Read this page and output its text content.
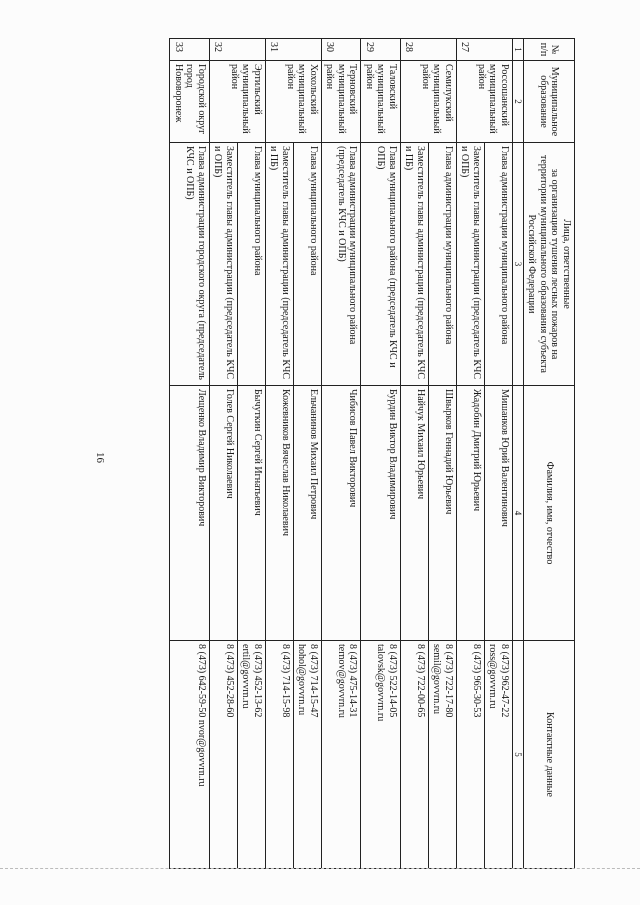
16
№
п/п	Муниципальное образование	Лица, ответственные
за организацию тушения лесных пожаров на территории муниципального образования субъекта Российской Федерации	Фамилия, имя, отчество	Контактные данные
1	2	3	4	5
27	Россошанский муниципальный район	Глава администрации муниципального района	Мишанков Юрий Валентинович	8 (473) 962-47-22
ross@govvrn.ru
		Заместитель главы администрации (председатель КЧС и ОПБ)	Жадобин Дмитрий Юрьевич	8 (473) 965-30-53
28	Семилукский муниципальный район	Глава администрации муниципального района	Швырков Геннадий Юрьевич	8 (473) 722-17-80
semil@govvrn.ru
		Заместитель главы администрации (председатель КЧС и ПБ)	Найчук Михаил Юрьевич	8 (473) 722-00-65
29	Таловский муниципальный район	Глава муниципального района (председатель КЧС и ОПБ)	Бурдин Виктор Владимирович	8 (473) 522-14-05
talovsk@govvrn.ru
30	Терновский муниципальный район	Глава администрации муниципального района (председатель КЧС и ОПБ)	Чибисов Павел Викторович	8 (473) 475-14-31
ternov@govvrn.ru
31	Хохольский муниципальный район	Глава муниципального района	Ельчанинов Михаил Петрович	8 (473) 714-15-47
hohol@govvrn.ru
		Заместитель главы администрации (председатель КЧС и ПБ)	Кожевников Вячеслав Николаевич	8 (473) 714-15-98
32	Эртильский муниципальный район	Глава муниципального района	Бычуткин Сергей Игнатьевич	8 (473) 452-13-62
ertil@govvrn.ru
		Заместитель главы администрации (председатель КЧС и ОПБ)	Голев Сергей Николаевич	8 (473) 452-28-60
33	Городской округ город Нововоронеж	Глава администрации городского округа (председатель КЧС и ОПБ)	Лещенко Владимир Викторович	8 (473) 642-59-50 nvor@govvrn.ru
